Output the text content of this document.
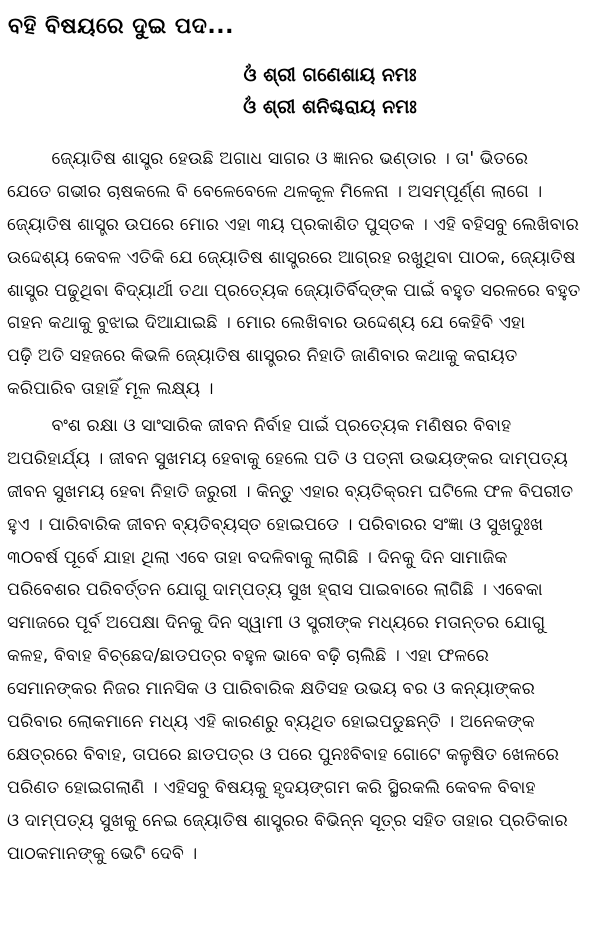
ବହି ବିଷୟରେ ଦୁଇ ପଦ...
ଓଁ ଶ୍ରୀ ଗଣେଶାୟ ନମଃ
ଓଁ ଶ୍ରୀ ଶନିଶ୍ଚରାୟ ନମଃ
ଜ୍ୟୋତିଷ ଶାସ୍ତ୍ର ହେଉଛି ଅଗାଧ ସାଗର ଓ ଜ୍ଞାନର ଭଣ୍ଡାର । ତା' ଭିତରେ
ଯେତେ ଗଭୀର ଚାଷକଲେ ବି ବେଳେବେଳେ ଥଳକୂଳ ମିଳେନା । ଅସମ୍ପୂର୍ଣ୍ଣ ଲାଗେ ।
ଜ୍ୟୋତିଷ ଶାସ୍ତ୍ର ଉପରେ ମୋର ଏହା ୩ୟ ପ୍ରକାଶିତ ପୁସ୍ତକ । ଏହି ବହିସବୁ ଲେଖିବାର
ଉଦ୍ଦେଶ୍ୟ କେବଳ ଏତିକି ଯେ ଜ୍ୟୋତିଷ ଶାସ୍ତ୍ରରେ ଆଗ୍ରହ ରଖୁଥିବା ପାଠକ, ଜ୍ୟୋତିଷ
ଶାସ୍ତ୍ର ପଢୁଥିବା ବିଦ୍ୟାର୍ଥୀ ତଥା ପ୍ରତ୍ୟେକ ଜ୍ୟୋତିର୍ବିଦ୍‌ଙ୍କ ପାଇଁ ବହୁତ ସରଳରେ ବହୁତ
ଗହନ କଥାକୁ ବୁଝାଇ ଦିଆଯାଇଛି । ମୋର ଲେଖିବାର ଉଦ୍ଦେଶ୍ୟ ଯେ କେହିବି ଏହା
ପଢ଼ି ଅତି ସହଜରେ କିଭଳି ଜ୍ୟୋତିଷ ଶାସ୍ତ୍ରର ନିହାତି ଜାଣିବାର କଥାକୁ କରାୟତ
କରିପାରିବ ତାହାହିଁ ମୂଳ ଲକ୍ଷ୍ୟ ।
ବଂଶ ରକ୍ଷା ଓ ସାଂସାରିକ ଜୀବନ ନିର୍ବାହ ପାଇଁ ପ୍ରତ୍ୟେକ ମଣିଷର ବିବାହ
ଅପରିହାର୍ଯ୍ୟ । ଜୀବନ ସୁଖମୟ ହେବାକୁ ହେଲେ ପତି ଓ ପତ୍ନୀ ଉଭୟଙ୍କର ଦାମ୍ପତ୍ୟ
ଜୀବନ ସୁଖମୟ ହେବା ନିହାତି ଜରୁରୀ । କିନ୍ତୁ ଏହାର ବ୍ୟତିକ୍ରମ ଘଟିଲେ ଫଳ ବିପରୀତ
ହୁଏ । ପାରିବାରିକ ଜୀବନ ବ୍ୟତିବ୍ୟସ୍ତ ହୋଇପଡେ । ପରିବାରର ସଂଜ୍ଞା ଓ ସୁଖଦୁଃଖ
୩୦ବର୍ଷ ପୂର୍ବେ ଯାହା ଥିଲା ଏବେ ତାହା ବଦଳିବାକୁ ଲାଗିଛି । ଦିନକୁ ଦିନ ସାମାଜିକ
ପରିବେଶର ପରିବର୍ତ୍ତନ ଯୋଗୁ ଦାମ୍ପତ୍ୟ ସୁଖ ହ୍ରାସ ପାଇବାରେ ଲାଗିଛି । ଏବେକା
ସମାଜରେ ପୂର୍ବ ଅପେକ୍ଷା ଦିନକୁ ଦିନ ସ୍ୱାମୀ ଓ ସ୍ତ୍ରୀଙ୍କ ମଧ୍ୟରେ ମତାନ୍ତର ଯୋଗୁ
କଳହ, ବିବାହ ବିଚ୍ଛେଦ/ଛାଡପତ୍ର ବହୁଳ ଭାବେ ବଢ଼ି ଚାଲିଛି । ଏହା ଫଳରେ
ସେମାନଙ୍କର ନିଜର ମାନସିକ ଓ ପାରିବାରିକ କ୍ଷତିସହ ଉଭୟ ବର ଓ କନ୍ୟାଙ୍କର
ପରିବାର ଲୋକମାନେ ମଧ୍ୟ ଏହି କାରଣରୁ ବ୍ୟଥିତ ହୋଇପଡୁଛନ୍ତି । ଅନେକଙ୍କ
କ୍ଷେତ୍ରରେ ବିବାହ, ତାପରେ ଛାଡପତ୍ର ଓ ପରେ ପୁନଃବିବାହ ଗୋଟେ କଳୁଷିତ ଖେଳରେ
ପରିଣତ ହୋଇଗଲାଣି । ଏହିସବୁ ବିଷୟକୁ ହୃଦୟଙ୍ଗମ କରି ସ୍ଥିରକଲି କେବଳ ବିବାହ
ଓ ଦାମ୍ପତ୍ୟ ସୁଖକୁ ନେଇ ଜ୍ୟୋତିଷ ଶାସ୍ତ୍ରର ବିଭିନ୍ନ ସୂତ୍ର ସହିତ ତାହାର ପ୍ରତିକାର
ପାଠକମାନଙ୍କୁ ଭେଟି ଦେବି ।
